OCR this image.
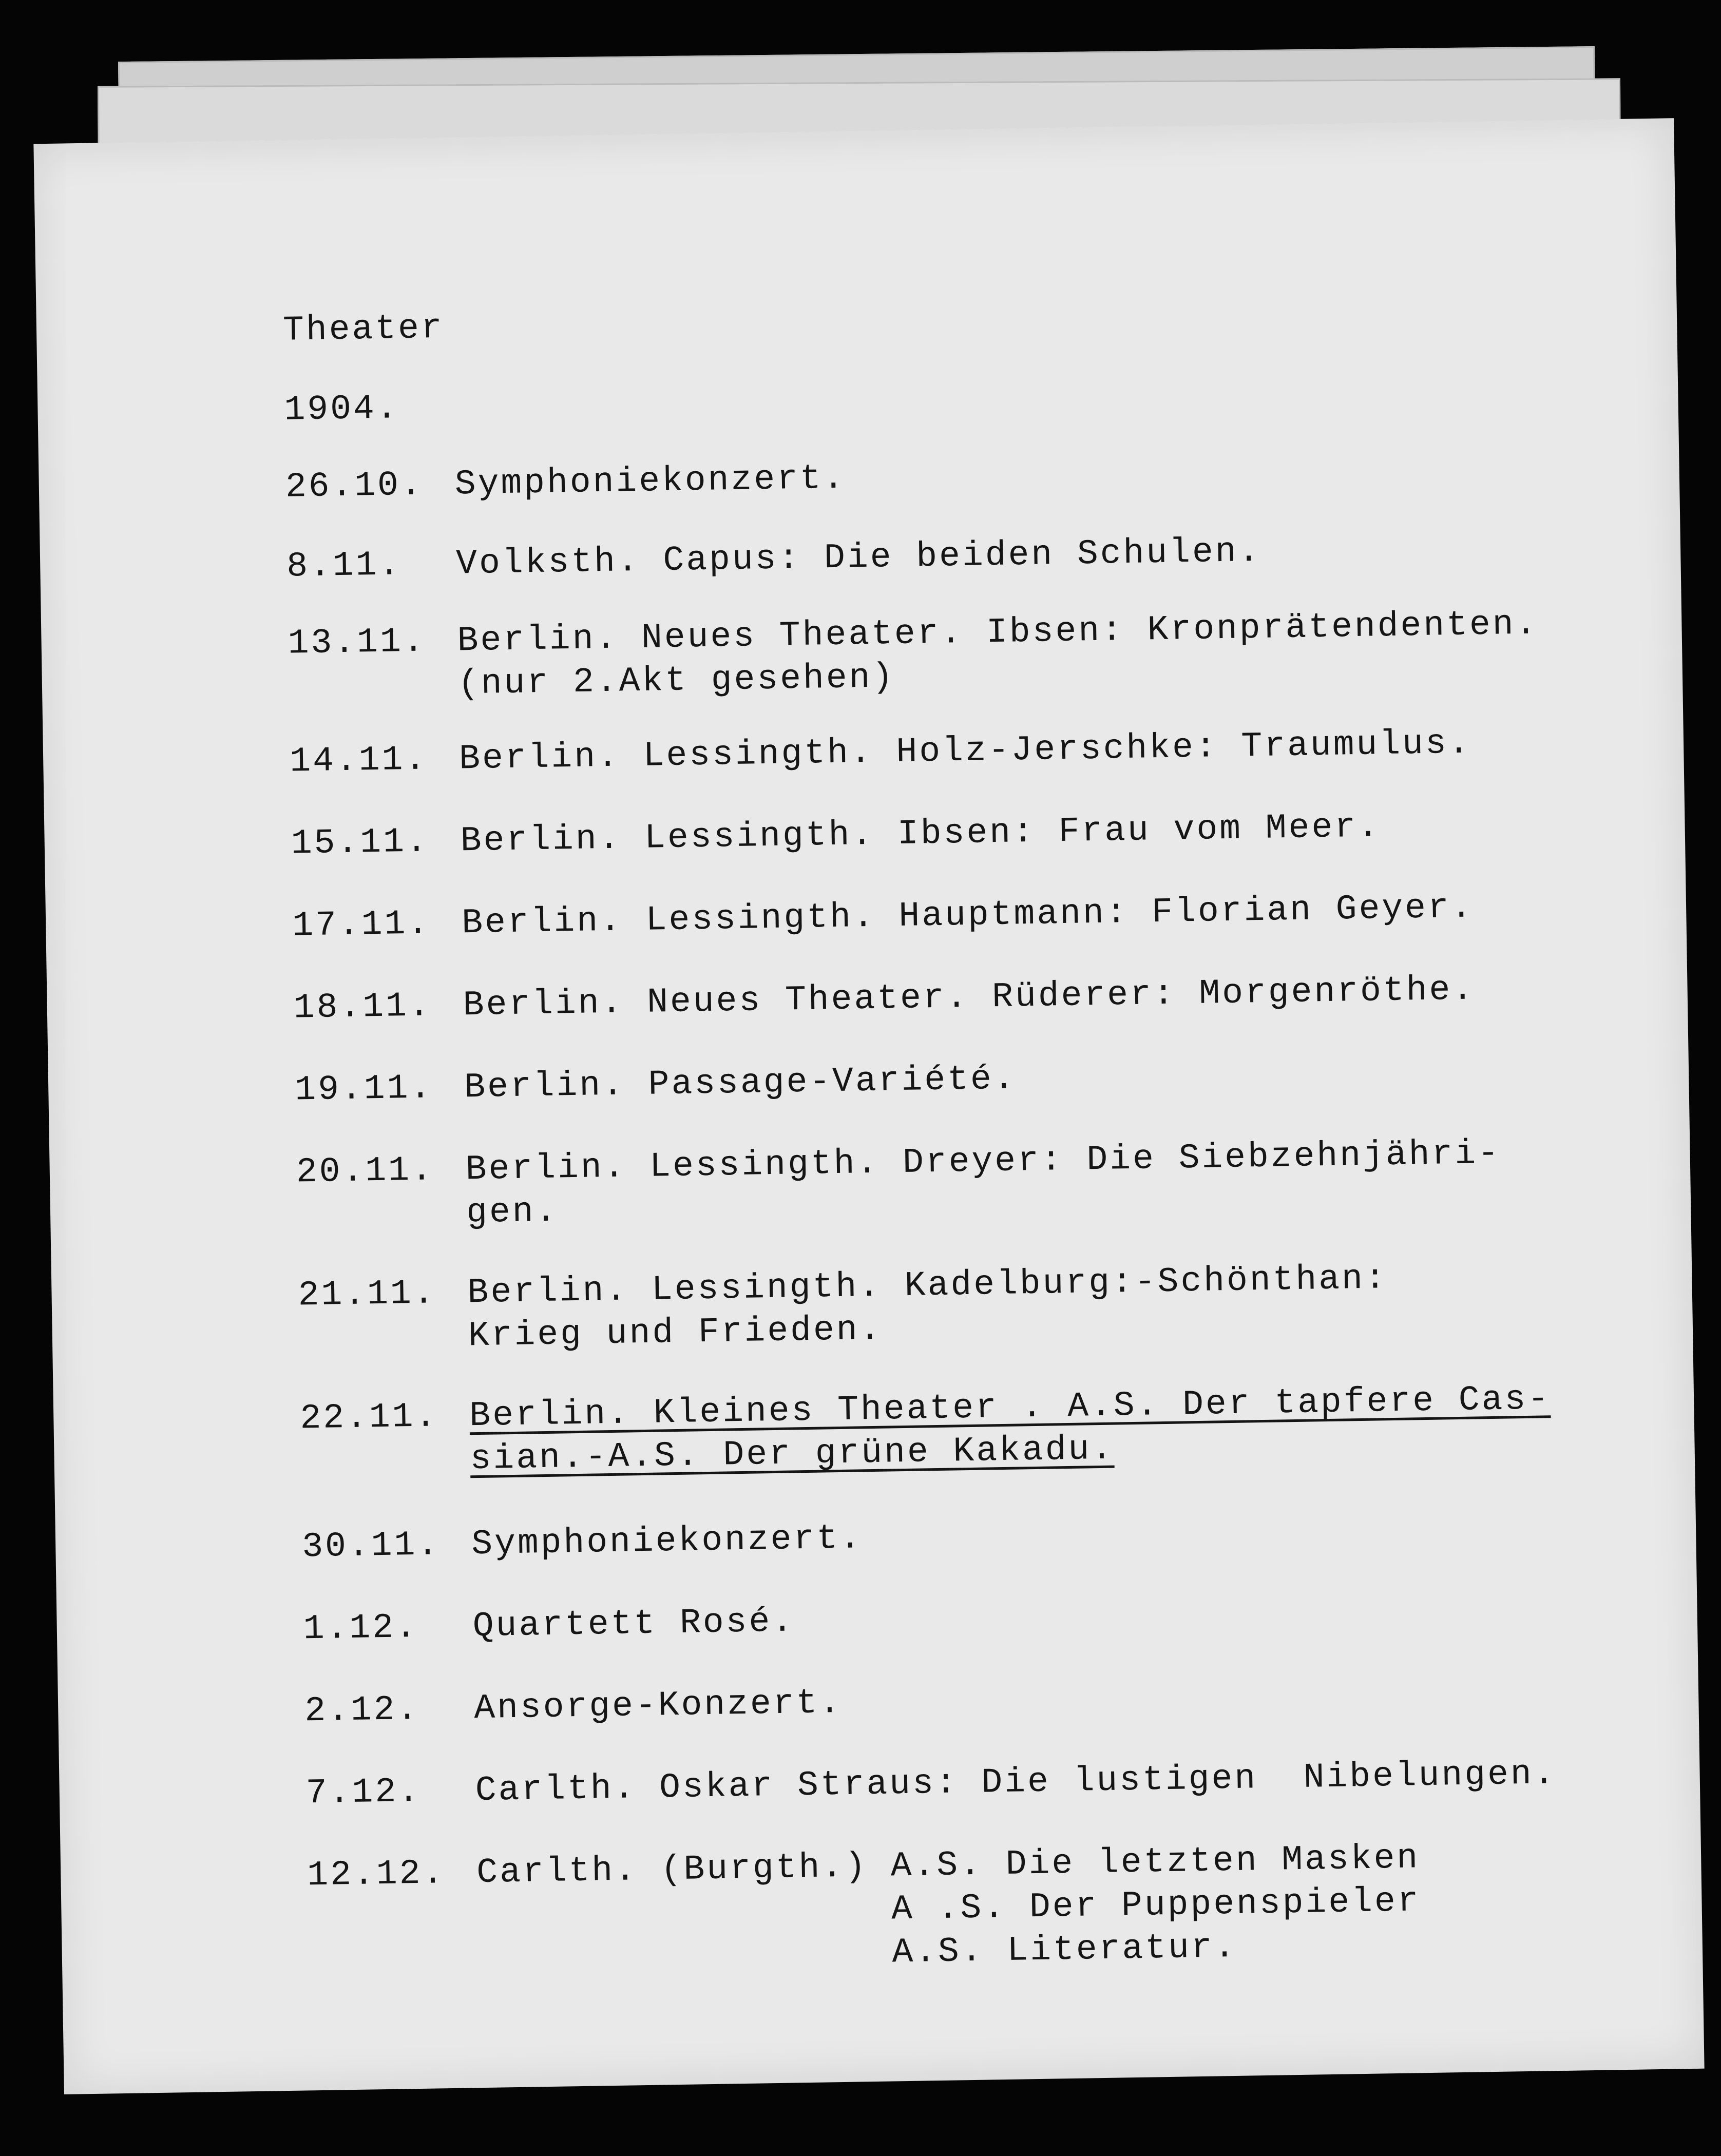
Theater
1904.
26.10. Symphoniekonzert.
8.11.	Volksth. Capus: Die beiden Schulen.
13.11. Berlin. Neues Theater. Ibsen: Kronprätendenten.
(nur 2.Akt gesehen)
14.11. Berlin. Lessingth. Holz-Jerschke: Traumulus.
15.11. Berlin. Lessingth. Ibsen: Frau vom Meer.
17.11. Berlin. Lessingth. Hauptmann: Florian Geyer.
18.11. Berlin. Neues Theater. Rüderer: Morgenröthe.
19.11. Berlin. Passage-Variété.
20.11. Berlin. Lessingth. Dreyer: Die Siebzehnjähri-
gen.
21.11. Berlin. Lessingth. Kadelburg:-Schönthan:
Krieg und Frieden.
22.11. Berlin. Kleines Theater . A.S. Der tapfere Cas-
sian.-A.S. Der grüne Kakadu.
30.11. Symphoniekonzert.
1.12.	Quartett Rosé.
2.12.	Ansorge-Konzert.
7.12.	Carlth. Oskar Straus: Die lustigen  Nibelungen.
12.12. Carlth. (Burgth.) A.S. Die letzten Masken
A .S. Der Puppenspieler
A.S. Literatur.
